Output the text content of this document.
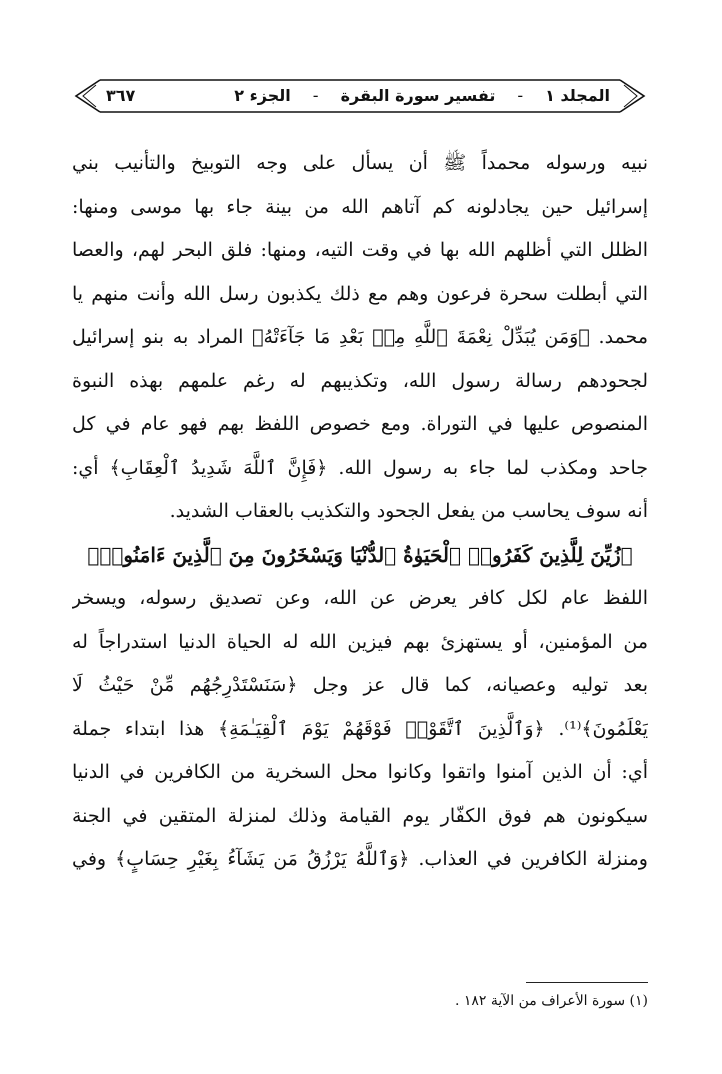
المجلد ١
-
تفسير سورة البقرة
-
الجزء ٢
٣٦٧
نبيه ورسوله محمداً ﷺ أن يسأل على وجه التوبيخ والتأنيب بني
إسرائيل حين يجادلونه كم آتاهم الله من بينة جاء بها موسى ومنها:
الظلل التي أظلهم الله بها في وقت التيه، ومنها: فلق البحر لهم، والعصا
التي أبطلت سحرة فرعون وهم مع ذلك يكذبون رسل الله وأنت منهم يا
محمد. ﴿وَمَن يُبَدِّلْ نِعْمَةَ ٱللَّهِ مِنۢ بَعْدِ مَا جَآءَتْهُ﴾ المراد به بنو إسرائيل
لجحودهم رسالة رسول الله، وتكذيبهم له رغم علمهم بهذه النبوة
المنصوص عليها في التوراة. ومع خصوص اللفظ بهم فهو عام في كل
جاحد ومكذب لما جاء به رسول الله. ﴿فَإِنَّ ٱللَّهَ شَدِيدُ ٱلْعِقَابِ﴾ أي:
أنه سوف يحاسب من يفعل الجحود والتكذيب بالعقاب الشديد.
﴿زُيِّنَ لِلَّذِينَ كَفَرُوا۟ ٱلْحَيَوٰةُ ٱلدُّنْيَا وَيَسْخَرُونَ مِنَ ٱلَّذِينَ ءَامَنُوا۟﴾
اللفظ عام لكل كافر يعرض عن الله، وعن تصديق رسوله، ويسخر
من المؤمنين، أو يستهزئ بهم فيزين الله له الحياة الدنيا استدراجاً له
بعد توليه وعصيانه، كما قال عز وجل ﴿سَنَسْتَدْرِجُهُم مِّنْ حَيْثُ لَا
يَعْلَمُونَ﴾⁽¹⁾. ﴿وَٱلَّذِينَ ٱتَّقَوْا۟ فَوْقَهُمْ يَوْمَ ٱلْقِيَـٰمَةِ﴾ هذا ابتداء جملة
أي: أن الذين آمنوا واتقوا وكانوا محل السخرية من الكافرين في الدنيا
سيكونون هم فوق الكفّار يوم القيامة وذلك لمنزلة المتقين في الجنة
ومنزلة الكافرين في العذاب. ﴿وَٱللَّهُ يَرْزُقُ مَن يَشَآءُ بِغَيْرِ حِسَابٍ﴾ وفي
(١) سورة الأعراف من الآية ١٨٢ .
